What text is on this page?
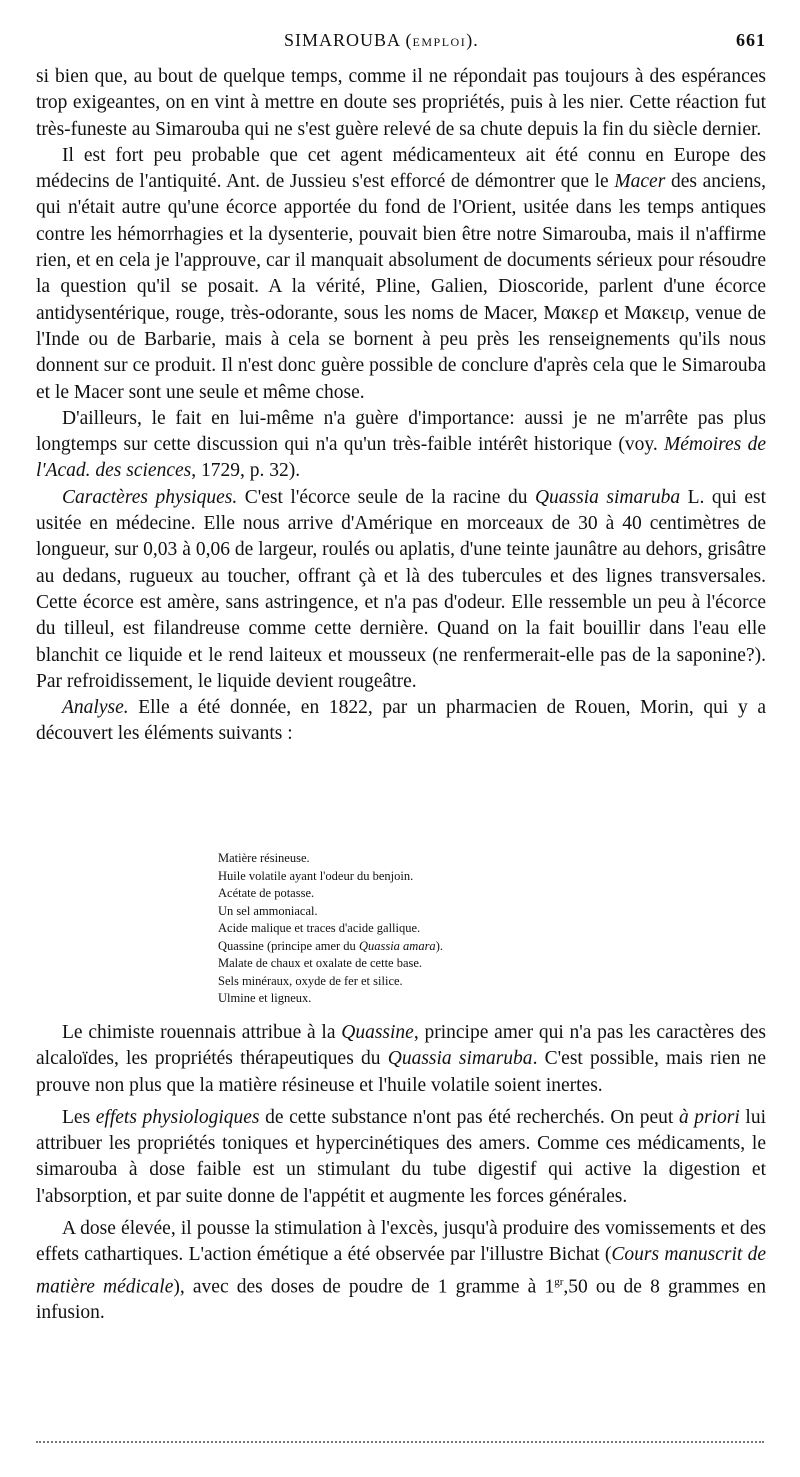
SIMAROUBA (EMPLOI).	661

si bien que, au bout de quelque temps, comme il ne répondait pas toujours à des espérances trop exigeantes, on en vint à mettre en doute ses propriétés, puis à les nier. Cette réaction fut très-funeste au Simarouba qui ne s'est guère relevé de sa chute depuis la fin du siècle dernier.

Il est fort peu probable que cet agent médicamenteux ait été connu en Europe des médecins de l'antiquité. Ant. de Jussieu s'est efforcé de démontrer que le Macer des anciens, qui n'était autre qu'une écorce apportée du fond de l'Orient, usitée dans les temps antiques contre les hémorrhagies et la dysenterie, pouvait bien être notre Simarouba, mais il n'affirme rien, et en cela je l'approuve, car il manquait absolument de documents sérieux pour résoudre la question qu'il se posait. A la vérité, Pline, Galien, Dioscoride, parlent d'une écorce antidysentérique, rouge, très-odorante, sous les noms de Macer, Μακερ et Μακειρ, venue de l'Inde ou de Barbarie, mais à cela se bornent à peu près les renseignements qu'ils nous donnent sur ce produit. Il n'est donc guère possible de conclure d'après cela que le Simarouba et le Macer sont une seule et même chose.

D'ailleurs, le fait en lui-même n'a guère d'importance: aussi je ne m'arrête pas plus longtemps sur cette discussion qui n'a qu'un très-faible intérêt historique (voy. Mémoires de l'Acad. des sciences, 1729, p. 32).

Caractères physiques. C'est l'écorce seule de la racine du Quassia simaruba L. qui est usitée en médecine. Elle nous arrive d'Amérique en morceaux de 30 à 40 centimètres de longueur, sur 0,03 à 0,06 de largeur, roulés ou aplatis, d'une teinte jaunâtre au dehors, grisâtre au dedans, rugueux au toucher, offrant çà et là des tubercules et des lignes transversales. Cette écorce est amère, sans astringence, et n'a pas d'odeur. Elle ressemble un peu à l'écorce du tilleul, est filandreuse comme cette dernière. Quand on la fait bouillir dans l'eau elle blanchit ce liquide et le rend laiteux et mousseux (ne renfermerait-elle pas de la saponine?). Par refroidissement, le liquide devient rougeâtre.

Analyse. Elle a été donnée, en 1822, par un pharmacien de Rouen, Morin, qui y a découvert les éléments suivants :

Matière résineuse.
Huile volatile ayant l'odeur du benjoin.
Acétate de potasse.
Un sel ammoniacal.
Acide malique et traces d'acide gallique.
Quassine (principe amer du Quassia amara).
Malate de chaux et oxalate de cette base.
Sels minéraux, oxyde de fer et silice.
Ulmine et ligneux.

Le chimiste rouennais attribue à la Quassine, principe amer qui n'a pas les caractères des alcaloïdes, les propriétés thérapeutiques du Quassia simaruba. C'est possible, mais rien ne prouve non plus que la matière résineuse et l'huile volatile soient inertes.

Les effets physiologiques de cette substance n'ont pas été recherchés. On peut à priori lui attribuer les propriétés toniques et hypercinétiques des amers. Comme ces médicaments, le simarouba à dose faible est un stimulant du tube digestif qui active la digestion et l'absorption, et par suite donne de l'appétit et augmente les forces générales.

A dose élevée, il pousse la stimulation à l'excès, jusqu'à produire des vomissements et des effets cathartiques. L'action émétique a été observée par l'illustre Bichat (Cours manuscrit de matière médicale), avec des doses de poudre de 1 gramme à $1^{gr},50$ ou de 8 grammes en infusion.
